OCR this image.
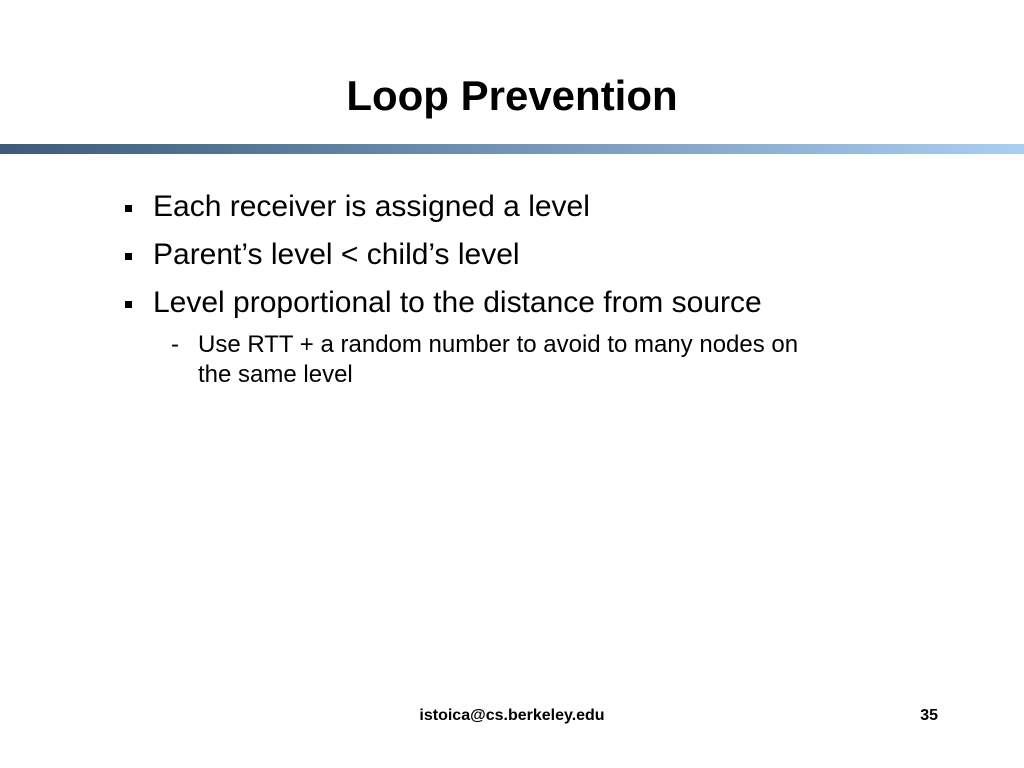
Loop Prevention
Each receiver is assigned a level
Parent’s level < child’s level
Level proportional to the distance from source
- Use RTT + a random number to avoid to many nodes on the same level
istoica@cs.berkeley.edu	35
